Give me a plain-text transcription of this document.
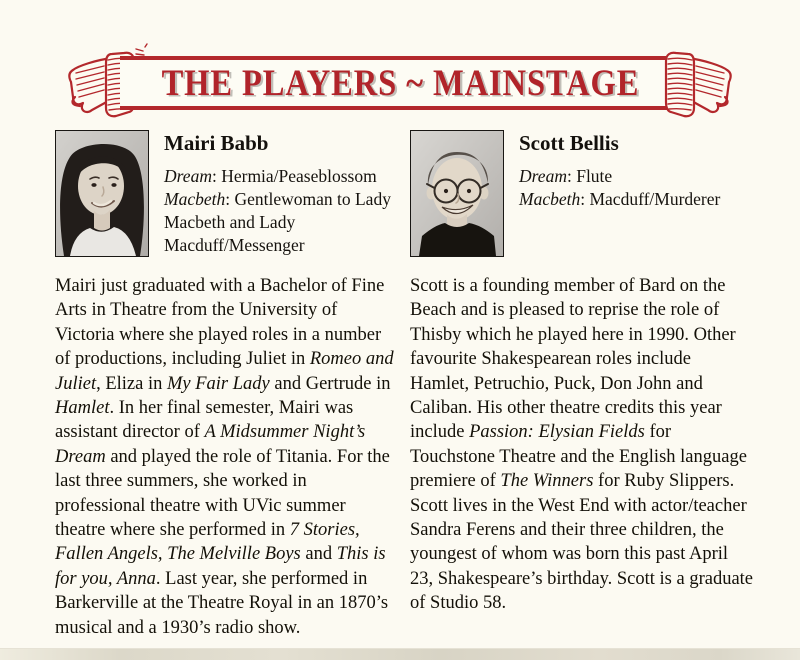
THE PLAYERS ~ MAINSTAGE
Mairi Babb

Dream: Hermia/Peaseblossom

Macbeth: Gentlewoman to Lady Macbeth and Lady Macduff/Messenger

Mairi just graduated with a Bachelor of Fine Arts in Theatre from the University of Victoria where she played roles in a number of productions, including Juliet in Romeo and Juliet, Eliza in My Fair Lady and Gertrude in Hamlet. In her final semester, Mairi was assistant director of A Midsummer Night’s Dream and played the role of Titania. For the last three summers, she worked in professional theatre with UVic summer theatre where she performed in 7 Stories, Fallen Angels, The Melville Boys and This is for you, Anna. Last year, she performed in Barkerville at the Theatre Royal in an 1870’s musical and a 1930’s radio show.

Scott Bellis

Dream: Flute

Macbeth: Macduff/Murderer

Scott is a founding member of Bard on the Beach and is pleased to reprise the role of Thisby which he played here in 1990. Other favourite Shakespearean roles include Hamlet, Petruchio, Puck, Don John and Caliban. His other theatre credits this year include Passion: Elysian Fields for Touchstone Theatre and the English language premiere of The Winners for Ruby Slippers. Scott lives in the West End with actor/teacher Sandra Ferens and their three children, the youngest of whom was born this past April 23, Shakespeare’s birthday. Scott is a graduate of Studio 58.
